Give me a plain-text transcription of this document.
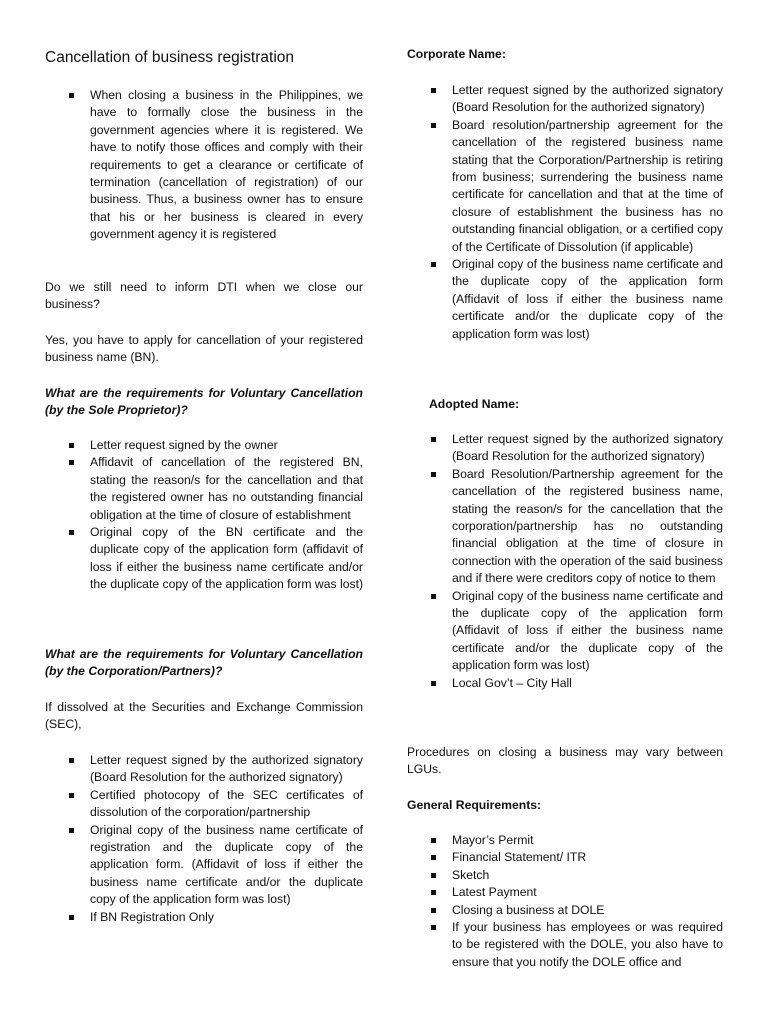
Cancellation of business registration
When closing a business in the Philippines, we have to formally close the business in the government agencies where it is registered. We have to notify those offices and comply with their requirements to get a clearance or certificate of termination (cancellation of registration) of our business. Thus, a business owner has to ensure that his or her business is cleared in every government agency it is registered

Do we still need to inform DTI when we close our business?

Yes, you have to apply for cancellation of your registered business name (BN).

What are the requirements for Voluntary Cancellation (by the Sole Proprietor)?

Letter request signed by the owner
Affidavit of cancellation of the registered BN, stating the reason/s for the cancellation and that the registered owner has no outstanding financial obligation at the time of closure of establishment
Original copy of the BN certificate and the duplicate copy of the application form (affidavit of loss if either the business name certificate and/or the duplicate copy of the application form was lost)

What are the requirements for Voluntary Cancellation (by the Corporation/Partners)?

If dissolved at the Securities and Exchange Commission (SEC),

Letter request signed by the authorized signatory (Board Resolution for the authorized signatory)
Certified photocopy of the SEC certificates of dissolution of the corporation/partnership
Original copy of the business name certificate of registration and the duplicate copy of the application form. (Affidavit of loss if either the business name certificate and/or the duplicate copy of the application form was lost)
If BN Registration Only

Corporate Name:

Letter request signed by the authorized signatory (Board Resolution for the authorized signatory)
Board resolution/partnership agreement for the cancellation of the registered business name stating that the Corporation/Partnership is retiring from business; surrendering the business name certificate for cancellation and that at the time of closure of establishment the business has no outstanding financial obligation, or a certified copy of the Certificate of Dissolution (if applicable)
Original copy of the business name certificate and the duplicate copy of the application form (Affidavit of loss if either the business name certificate and/or the duplicate copy of the application form was lost)

Adopted Name:

Letter request signed by the authorized signatory (Board Resolution for the authorized signatory)
Board Resolution/Partnership agreement for the cancellation of the registered business name, stating the reason/s for the cancellation that the corporation/partnership has no outstanding financial obligation at the time of closure in connection with the operation of the said business and if there were creditors copy of notice to them
Original copy of the business name certificate and the duplicate copy of the application form (Affidavit of loss if either the business name certificate and/or the duplicate copy of the application form was lost)
Local Gov’t – City Hall

Procedures on closing a business may vary between LGUs.

General Requirements:

Mayor’s Permit
Financial Statement/ ITR
Sketch
Latest Payment
Closing a business at DOLE
If your business has employees or was required to be registered with the DOLE, you also have to ensure that you notify the DOLE office and
